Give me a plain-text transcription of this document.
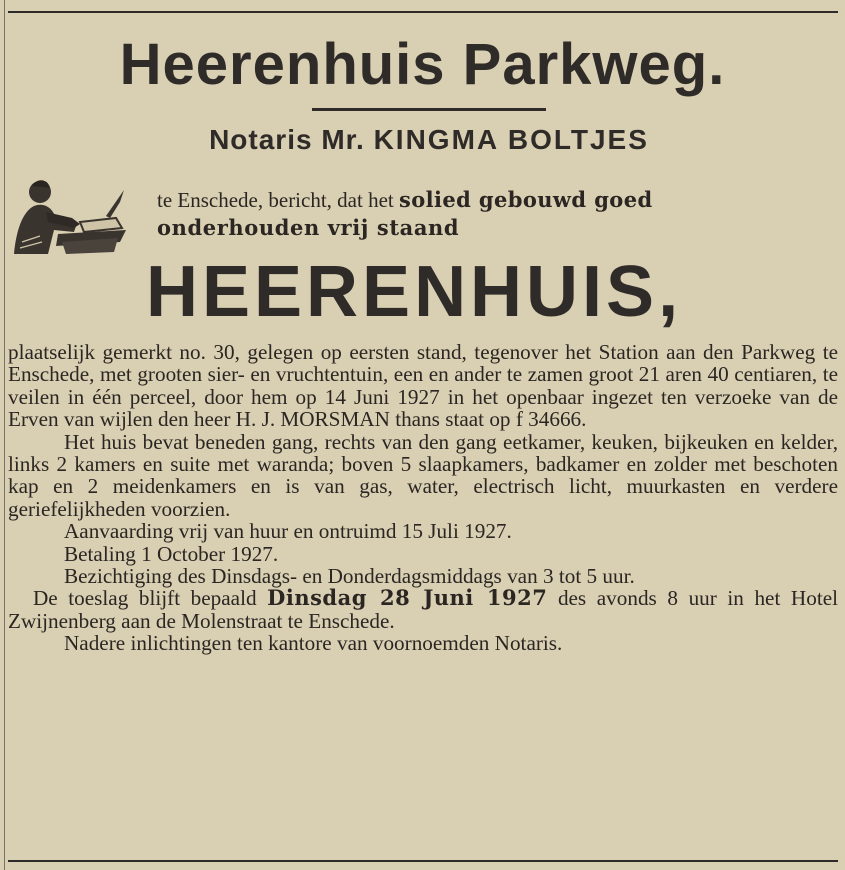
Heerenhuis Parkweg.
Notaris Mr. KINGMA BOLTJES
te Enschede, bericht, dat het solied gebouwd goed
onderhouden vrij staand
HEERENHUIS,

plaatselijk gemerkt no. 30, gelegen op eersten stand, tegenover het Station aan den Parkweg te Enschede, met grooten sier- en vruchtentuin, een en ander te zamen groot 21 aren 40 centiaren, te veilen in één perceel, door hem op 14 Juni 1927 in het openbaar ingezet ten verzoeke van de Erven van wijlen den heer H. J. MORSMAN thans staat op f 34666.

Het huis bevat beneden gang, rechts van den gang eetkamer, keuken, bijkeuken en kelder, links 2 kamers en suite met waranda; boven 5 slaapkamers, badkamer en zolder met beschoten kap en 2 meidenkamers en is van gas, water, electrisch licht, muurkasten en verdere geriefelijkheden voorzien.

Aanvaarding vrij van huur en ontruimd 15 Juli 1927.

Betaling 1 October 1927.

Bezichtiging des Dinsdags- en Donderdagsmiddags van 3 tot 5 uur.

De toeslag blijft bepaald Dinsdag 28 Juni 1927 des avonds 8 uur in het Hotel Zwijnenberg aan de Molenstraat te Enschede.

Nadere inlichtingen ten kantore van voornoemden Notaris.
